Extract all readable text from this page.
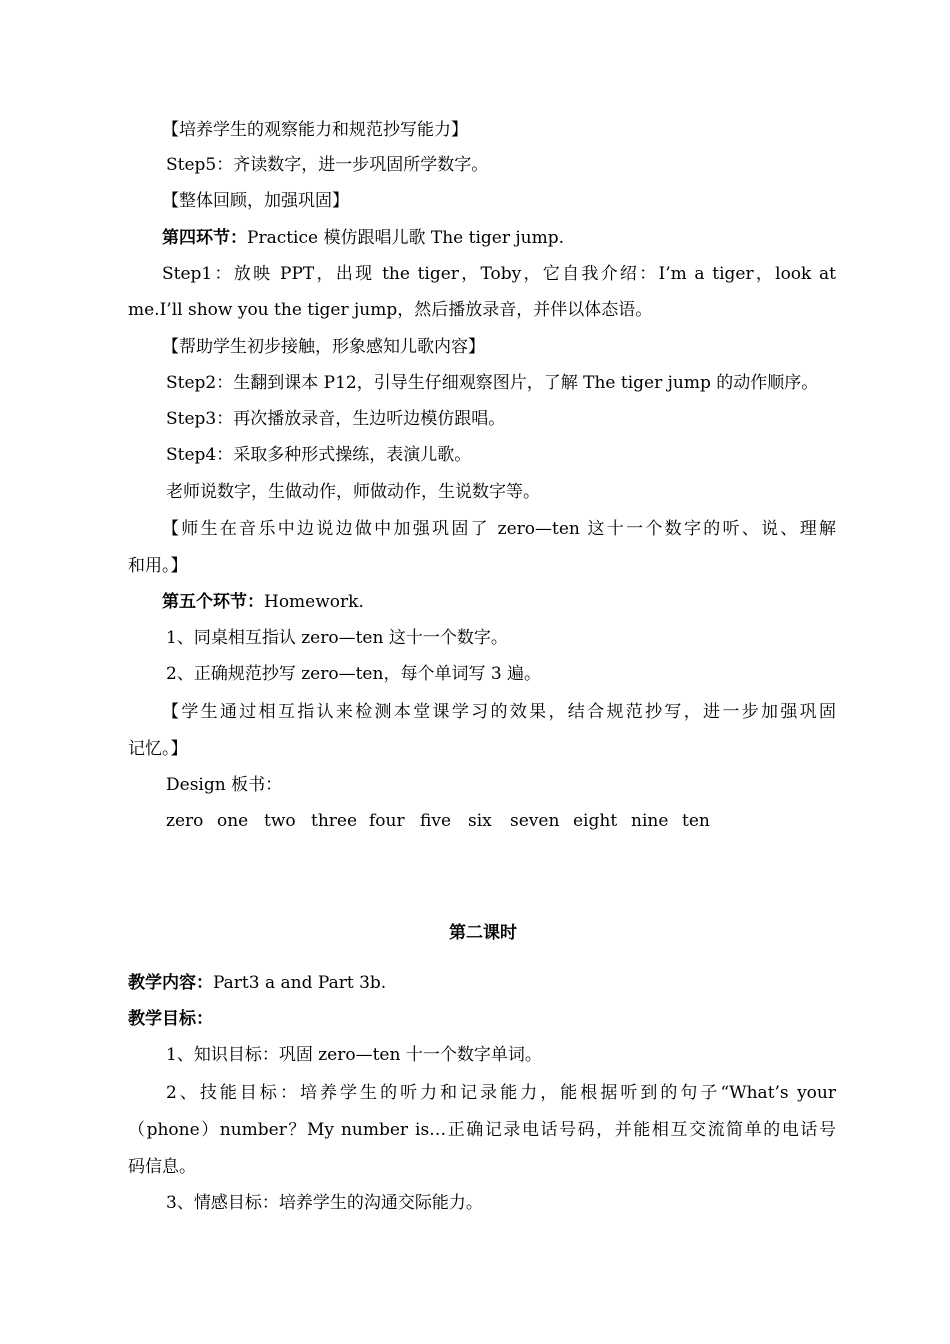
【培养学生的观察能力和规范抄写能力】
Step5：齐读数字，进一步巩固所学数字。
【整体回顾，加强巩固】
第四环节：Practice 模仿跟唱儿歌 The tiger jump.
Step1：放映 PPT，出现 the tiger，Toby，它自我介绍：I’m a tiger，look at
me.I’ll show you the tiger jump，然后播放录音，并伴以体态语。
【帮助学生初步接触，形象感知儿歌内容】
Step2：生翻到课本 P12，引导生仔细观察图片，了解 The tiger jump 的动作顺序。
Step3：再次播放录音，生边听边模仿跟唱。
Step4：采取多种形式操练，表演儿歌。
老师说数字，生做动作，师做动作，生说数字等。
【师生在音乐中边说边做中加强巩固了 zero—ten 这十一个数字的听、说、理解
和用。】
第五个环节：Homework.
1、同桌相互指认 zero—ten 这十一个数字。
2、正确规范抄写 zero—ten，每个单词写 3 遍。
【学生通过相互指认来检测本堂课学习的效果，结合规范抄写，进一步加强巩固
记忆。】
Design 板书：
zero one two three four five six seven eight nine ten
第二课时
教学内容：Part3 a and Part 3b.
教学目标：
1、知识目标：巩固 zero—ten 十一个数字单词。
2、技能目标：培养学生的听力和记录能力，能根据听到的句子“What’s your
（phone）number？My number is…正确记录电话号码，并能相互交流简单的电话号
码信息。
3、情感目标：培养学生的沟通交际能力。
